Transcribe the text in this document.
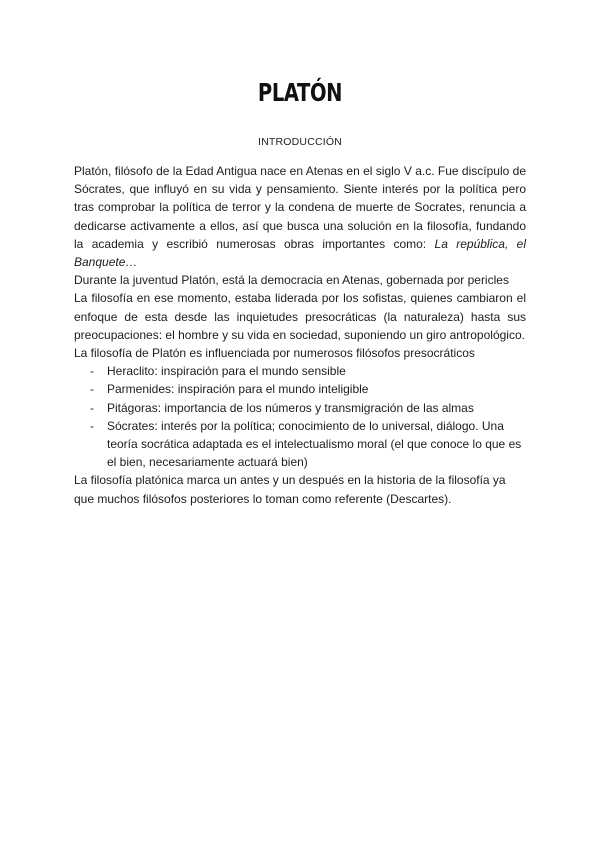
PLATÓN
INTRODUCCIÓN

Platón, filósofo de la Edad Antigua nace en Atenas en el siglo V a.c. Fue discípulo de Sócrates, que influyó en su vida y pensamiento. Siente interés por la política pero tras comprobar la política de terror y la condena de muerte de Socrates, renuncia a dedicarse activamente a ellos, así que busca una solución en la filosofía, fundando la academia y escribió numerosas obras importantes como: La república, el Banquete…

Durante la juventud Platón, está la democracia en Atenas, gobernada por pericles

La filosofía en ese momento, estaba liderada por los sofistas, quienes cambiaron el enfoque de esta desde las inquietudes presocráticas (la naturaleza) hasta sus preocupaciones: el hombre y su vida en sociedad, suponiendo un giro antropológico.

La filosofía de Platón es influenciada por numerosos filósofos presocráticos

- Heraclito: inspiración para el mundo sensible
- Parmenides: inspiración para el mundo inteligible
- Pitágoras: importancia de los números y transmigración de las almas
- Sócrates: interés por la política; conocimiento de lo universal, diálogo. Una teoría socrática adaptada es el intelectualismo moral (el que conoce lo que es el bien, necesariamente actuará bien)

La filosofía platónica marca un antes y un después en la historia de la filosofía ya que muchos filósofos posteriores lo toman como referente (Descartes).
